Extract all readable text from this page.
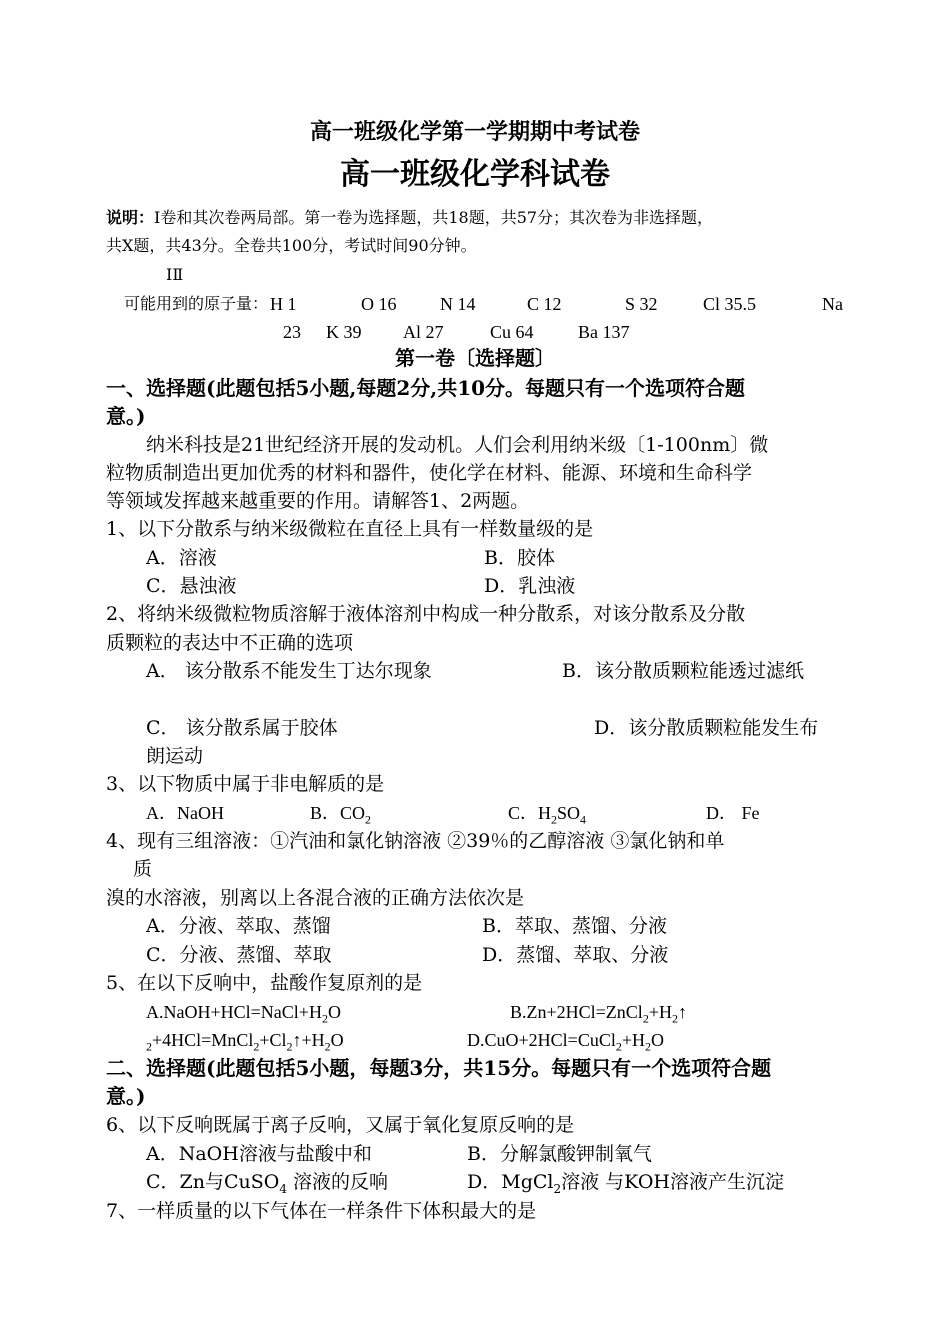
高一班级化学第一学期期中考试卷
高一班级化学科试卷
说明：Ⅰ卷和其次卷两局部。第一卷为选择题，共18题，共57分；其次卷为非选择题，
共X题，共43分。全卷共100分，考试时间90分钟。
ⅠⅡ
可能用到的原子量： H 1	O 16 N 14	C 12	S 32	Cl 35.5	Na
23 K 39 Al 27	Cu 64 Ba 137
第一卷〔选择题〕
一、选择题(此题包括5小题,每题2分,共10分。每题只有一个选项符合题
意。)
纳米科技是21世纪经济开展的发动机。人们会利用纳米级〔1-100nm〕微
粒物质制造出更加优秀的材料和器件，使化学在材料、能源、环境和生命科学
等领域发挥越来越重要的作用。请解答1、2两题。
1、以下分散系与纳米级微粒在直径上具有一样数量级的是
A．溶液	B．胶体
C．悬浊液	D．乳浊液
2、将纳米级微粒物质溶解于液体溶剂中构成一种分散系，对该分散系及分散
质颗粒的表达中不正确的选项
A． 该分散系不能发生丁达尔现象	B．该分散质颗粒能透过滤纸
C． 该分散系属于胶体	D．该分散质颗粒能发生布
朗运动
3、以下物质中属于非电解质的是
A．NaOH	B．$CO_2$	C．$H_2SO_4$	D． Fe
4、现有三组溶液：①汽油和氯化钠溶液 ②39％的乙醇溶液 ③氯化钠和单
质
溴的水溶液，别离以上各混合液的正确方法依次是
A．分液、萃取、蒸馏	B．萃取、蒸馏、分液
C．分液、蒸馏、萃取	D．蒸馏、萃取、分液
5、在以下反响中，盐酸作复原剂的是
$A.NaOH+HCl=NaCl+H_2O$	$B.Zn+2HCl=ZnCl_2+H_2↑$
$_2+4HCl=MnCl_2+Cl_2↑+H_2O$	$D.CuO+2HCl=CuCl_2+H_2O$
二、选择题(此题包括5小题，每题3分，共15分。每题只有一个选项符合题
意。)
6、以下反响既属于离子反响，又属于氧化复原反响的是
A．NaOH溶液与盐酸中和	B．分解氯酸钾制氧气
C．Zn与CuSO$_4$ 溶液的反响	D．MgCl$_2$溶液 与KOH溶液产生沉淀
7、一样质量的以下气体在一样条件下体积最大的是
